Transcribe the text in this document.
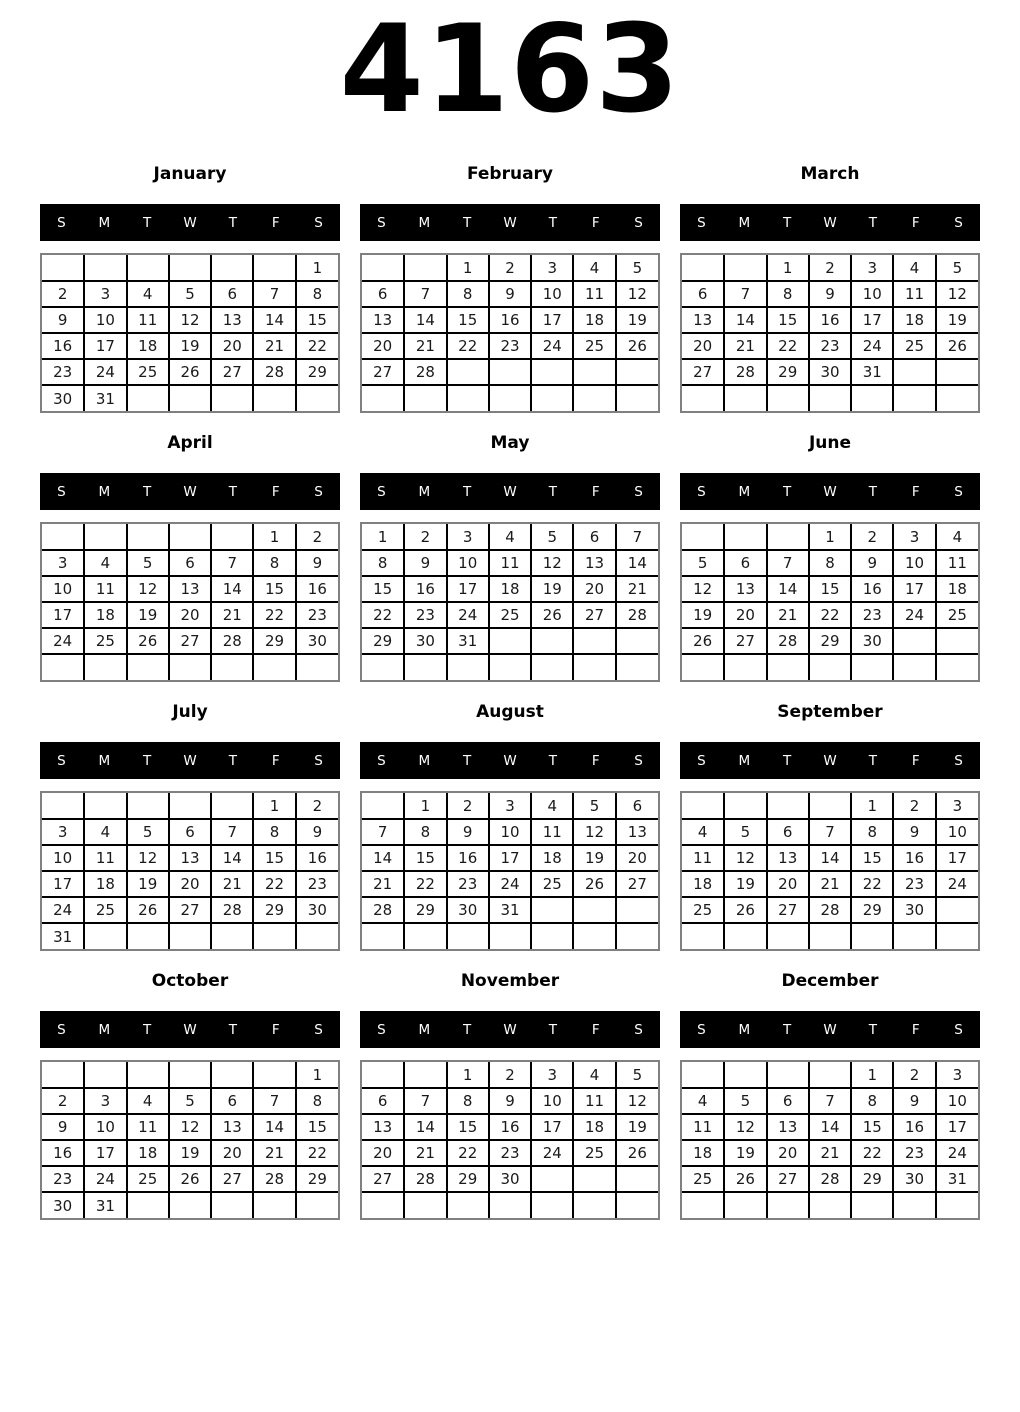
4163
January
S	M	T	W	T	F	S
						1
2	3	4	5	6	7	8
9	10	11	12	13	14	15
16	17	18	19	20	21	22
23	24	25	26	27	28	29
30	31					
February
S	M	T	W	T	F	S
		1	2	3	4	5
6	7	8	9	10	11	12
13	14	15	16	17	18	19
20	21	22	23	24	25	26
27	28					

March
S	M	T	W	T	F	S
		1	2	3	4	5
6	7	8	9	10	11	12
13	14	15	16	17	18	19
20	21	22	23	24	25	26
27	28	29	30	31		

April
S	M	T	W	T	F	S
					1	2
3	4	5	6	7	8	9
10	11	12	13	14	15	16
17	18	19	20	21	22	23
24	25	26	27	28	29	30

May
S	M	T	W	T	F	S
1	2	3	4	5	6	7
8	9	10	11	12	13	14
15	16	17	18	19	20	21
22	23	24	25	26	27	28
29	30	31				

June
S	M	T	W	T	F	S
			1	2	3	4
5	6	7	8	9	10	11
12	13	14	15	16	17	18
19	20	21	22	23	24	25
26	27	28	29	30		

July
S	M	T	W	T	F	S
					1	2
3	4	5	6	7	8	9
10	11	12	13	14	15	16
17	18	19	20	21	22	23
24	25	26	27	28	29	30
31						
August
S	M	T	W	T	F	S
	1	2	3	4	5	6
7	8	9	10	11	12	13
14	15	16	17	18	19	20
21	22	23	24	25	26	27
28	29	30	31			

September
S	M	T	W	T	F	S
				1	2	3
4	5	6	7	8	9	10
11	12	13	14	15	16	17
18	19	20	21	22	23	24
25	26	27	28	29	30	

October
S	M	T	W	T	F	S
						1
2	3	4	5	6	7	8
9	10	11	12	13	14	15
16	17	18	19	20	21	22
23	24	25	26	27	28	29
30	31					
November
S	M	T	W	T	F	S
		1	2	3	4	5
6	7	8	9	10	11	12
13	14	15	16	17	18	19
20	21	22	23	24	25	26
27	28	29	30			

December
S	M	T	W	T	F	S
				1	2	3
4	5	6	7	8	9	10
11	12	13	14	15	16	17
18	19	20	21	22	23	24
25	26	27	28	29	30	31
